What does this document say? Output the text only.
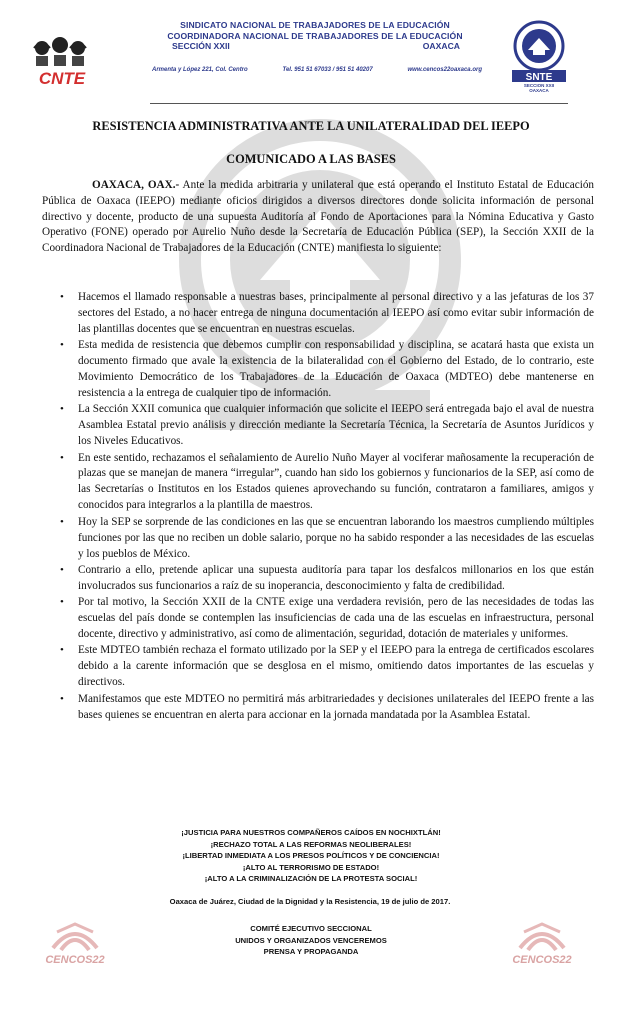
CNTE
SINDICATO NACIONAL DE TRABAJADORES DE LA EDUCACIÓN
COORDINADORA NACIONAL DE TRABAJADORES DE LA EDUCACIÓN
SECCIÓN XXII	OAXACA
Armenta y López 221, Col. Centro	Tel. 951 51 67033 / 951 51 40207	www.cencos22oaxaca.org
SNTE
SECCION XXII
OAXACA
RESISTENCIA ADMINISTRATIVA ANTE LA UNILATERALIDAD DEL IEEPO
COMUNICADO A LAS BASES

OAXACA, OAX.- Ante la medida arbitraria y unilateral que está operando el Instituto Estatal de Educación Pública de Oaxaca (IEEPO) mediante oficios dirigidos a diversos directores donde solicita información de personal directivo y docente, producto de una supuesta Auditoría al Fondo de Aportaciones para la Nómina Educativa y Gasto Operativo (FONE) operado por Aurelio Nuño desde la Secretaría de Educación Pública (SEP), la Sección XXII de la Coordinadora Nacional de Trabajadores de la Educación (CNTE) manifiesta lo siguiente:

• Hacemos el llamado responsable a nuestras bases, principalmente al personal directivo y a las jefaturas de los 37 sectores del Estado, a no hacer entrega de ninguna documentación al IEEPO así como evitar subir información de las plantillas docentes que se encuentran en nuestras escuelas.
• Esta medida de resistencia que debemos cumplir con responsabilidad y disciplina, se acatará hasta que exista un documento firmado que avale la existencia de la bilateralidad con el Gobierno del Estado, de lo contrario, este Movimiento Democrático de los Trabajadores de la Educación de Oaxaca (MDTEO) debe mantenerse en resistencia a la entrega de cualquier tipo de información.
• La Sección XXII comunica que cualquier información que solicite el IEEPO será entregada bajo el aval de nuestra Asamblea Estatal previo análisis y dirección mediante la Secretaría Técnica, la Secretaría de Asuntos Jurídicos y los Niveles Educativos.
• En este sentido, rechazamos el señalamiento de Aurelio Nuño Mayer al vociferar mañosamente la recuperación de plazas que se manejan de manera “irregular”, cuando han sido los gobiernos y funcionarios de la SEP, así como de las Secretarías o Institutos en los Estados quienes aprovechando su función, contrataron a familiares, amigos y conocidos para integrarlos a la plantilla de maestros.
• Hoy la SEP se sorprende de las condiciones en las que se encuentran laborando los maestros cumpliendo múltiples funciones por las que no reciben un doble salario, porque no ha sabido responder a las necesidades de las escuelas y los pueblos de México.
• Contrario a ello, pretende aplicar una supuesta auditoría para tapar los desfalcos millonarios en los que están involucrados sus funcionarios a raíz de su inoperancia, desconocimiento y falta de credibilidad.
• Por tal motivo, la Sección XXII de la CNTE exige una verdadera revisión, pero de las necesidades de todas las escuelas del país donde se contemplen las insuficiencias de cada una de las escuelas en infraestructura, personal docente, directivo y administrativo, así como de alimentación, seguridad, dotación de materiales y uniformes.
• Este MDTEO también rechaza el formato utilizado por la SEP y el IEEPO para la entrega de certificados escolares debido a la carente información que se desglosa en el mismo, omitiendo datos importantes de las escuelas y directivos.
• Manifestamos que este MDTEO no permitirá más arbitrariedades y decisiones unilaterales del IEEPO frente a las bases quienes se encuentran en alerta para accionar en la jornada mandatada por la Asamblea Estatal.
¡JUSTICIA PARA NUESTROS COMPAÑEROS CAÍDOS EN NOCHIXTLÁN!
¡RECHAZO TOTAL A LAS REFORMAS NEOLIBERALES!
¡LIBERTAD INMEDIATA A LOS PRESOS POLÍTICOS Y DE CONCIENCIA!
¡ALTO AL TERRORISMO DE ESTADO!
¡ALTO A LA CRIMINALIZACIÓN DE LA PROTESTA SOCIAL!
Oaxaca de Juárez, Ciudad de la Dignidad y la Resistencia, 19 de julio de 2017.
COMITÉ EJECUTIVO SECCIONAL
UNIDOS Y ORGANIZADOS VENCEREMOS
PRENSA Y PROPAGANDA
CENCOS22	CENCOS22
